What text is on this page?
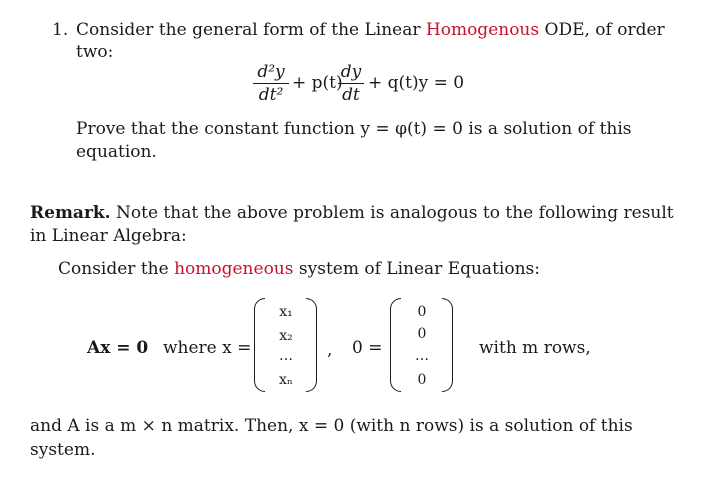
1. Consider the general form of the Linear Homogenous ODE, of order
two:
d²y
dt²
+ p(t)
dy
dt
+ q(t)y = 0
Prove that the constant function y = φ(t) = 0 is a solution of this
equation.
Remark. Note that the above problem is analogous to the following result
in Linear Algebra:
Consider the homogeneous system of Linear Equations:
Ax = 0 where x =
x₁
x₂
…
xₙ
, 0 =
0
0
…
0
with m rows,
and A is a m × n matrix. Then, x = 0 (with n rows) is a solution of this
system.
